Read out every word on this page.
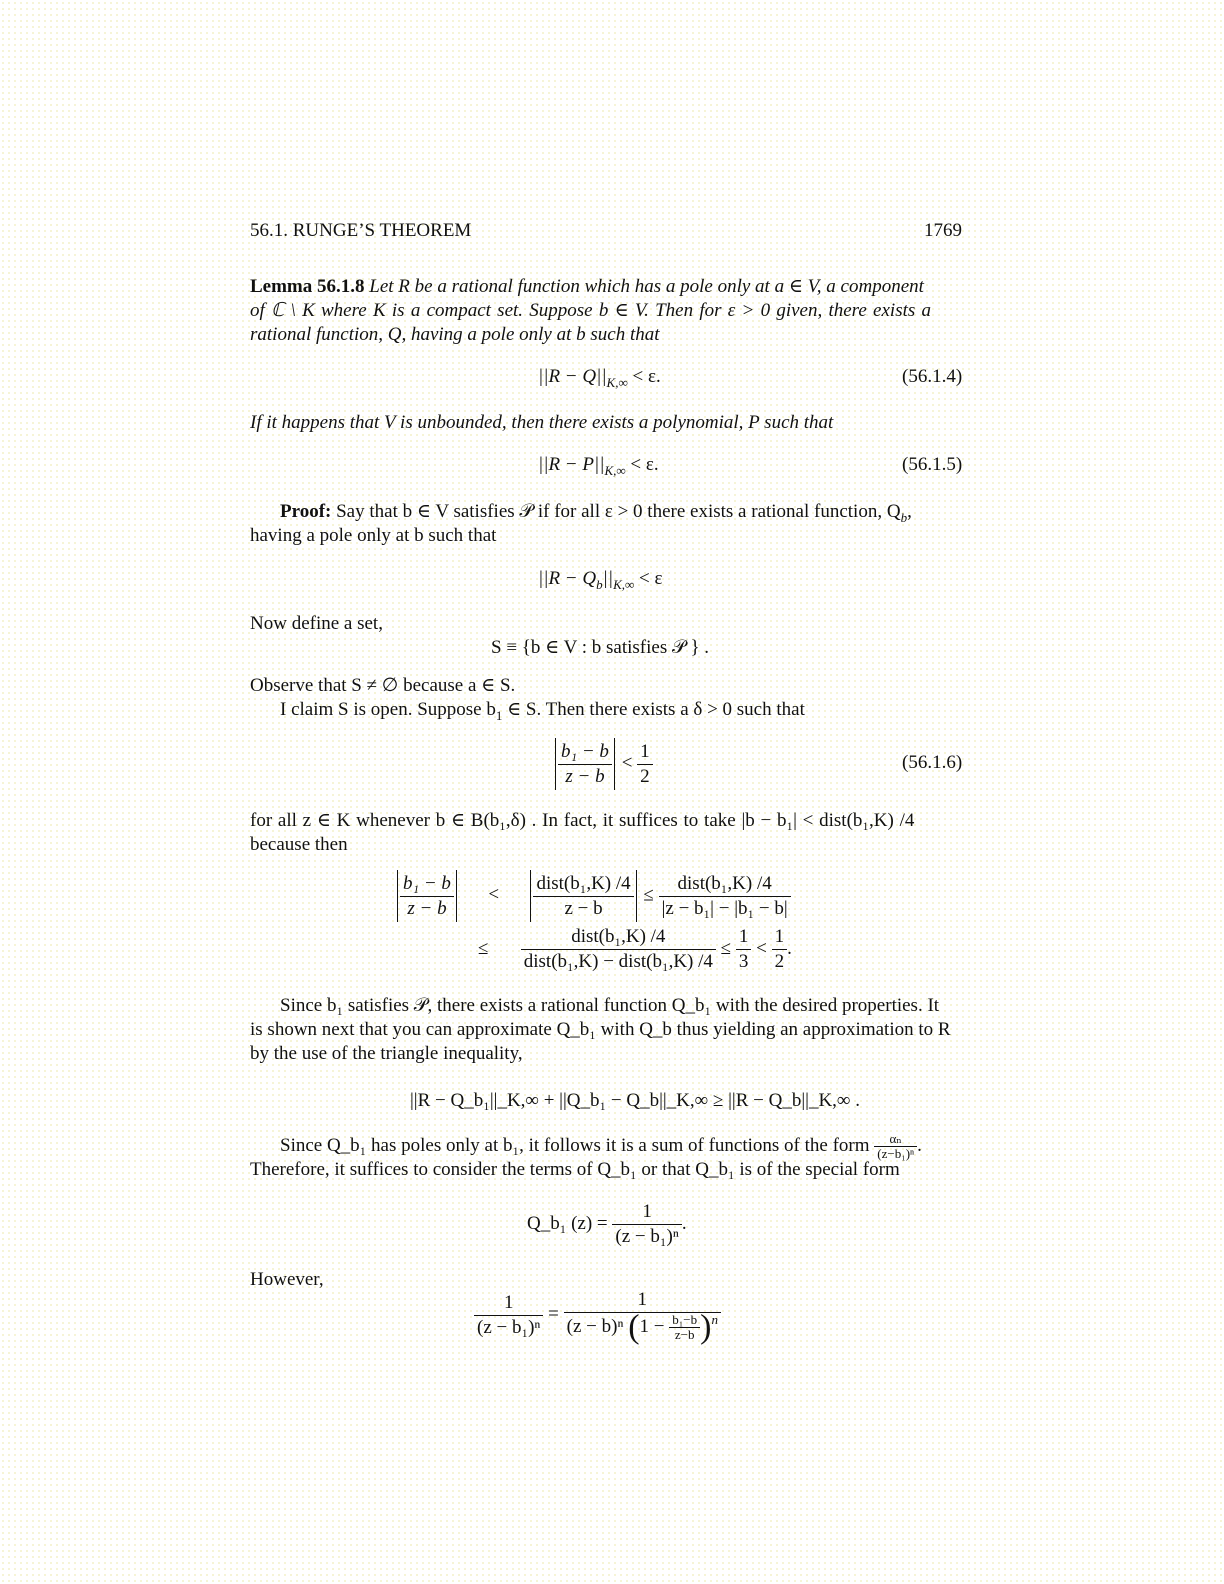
56.1. RUNGE’S THEOREM	1769
Lemma 56.1.8 Let R be a rational function which has a pole only at a ∈ V, a component
of ℂ \ K where K is a compact set. Suppose b ∈ V. Then for ε > 0 given, there exists a
rational function, Q, having a pole only at b such that
$||R - Q||_{K,\infty} < \varepsilon$.	(56.1.4)
If it happens that V is unbounded, then there exists a polynomial, P such that
$||R - P||_{K,\infty} < \varepsilon$.	(56.1.5)
Proof: Say that b ∈ V satisfies 𝒫 if for all ε > 0 there exists a rational function, $Q_b$,
having a pole only at b such that
$||R - Q_b||_{K,\infty} < \varepsilon$
Now define a set,
S ≡ {b ∈ V : b satisfies 𝒫 } .
Observe that S ≠ ∅ because a ∈ S.
I claim S is open. Suppose $b_1$ ∈ S. Then there exists a δ > 0 such that
$\frac{\text{b₁ − b}}{z - b} < \frac{1}{2}$	(56.1.6)
for all z ∈ K whenever b ∈ B(b₁,δ) . In fact, it suffices to take |b − b₁| < dist(b₁,K) /4
because then
$\frac{\text{b₁ − b}}{z - b} < \frac{\text{dist(b₁,K) /4}}{z - b} \le \frac{\text{dist(b₁,K) /4}}{\text{|z − b₁| − |b₁ − b|}}$
≤ $\frac{\text{dist(b₁,K) /4}}{\text{dist(b₁,K) − dist(b₁,K) /4}} \le \frac{1}{3} < \frac{1}{2}$ .
Since b₁ satisfies 𝒫, there exists a rational function Q_b₁ with the desired properties. It
is shown next that you can approximate Q_b₁ with Q_b thus yielding an approximation to R
by the use of the triangle inequality,
||R − Q_b₁||_K,∞ + ||Q_b₁ − Q_b||_K,∞ ≥ ||R − Q_b||_K,∞ .
Since Q_b₁ has poles only at b₁, it follows it is a sum of functions of the form $\frac{\text{αₙ}}{\text{(z−b₁)ⁿ}}$ .
Therefore, it suffices to consider the terms of Q_b₁ or that Q_b₁ is of the special form
Q_b₁ $(z) = \frac{1}{\text{(z − b₁)ⁿ}}$ .
However,
$\frac{1}{\text{(z − b₁)ⁿ}} = \frac{1}{(z - b)^n (1 - \frac{\text{b₁−b}}{z-b} )^n}$
